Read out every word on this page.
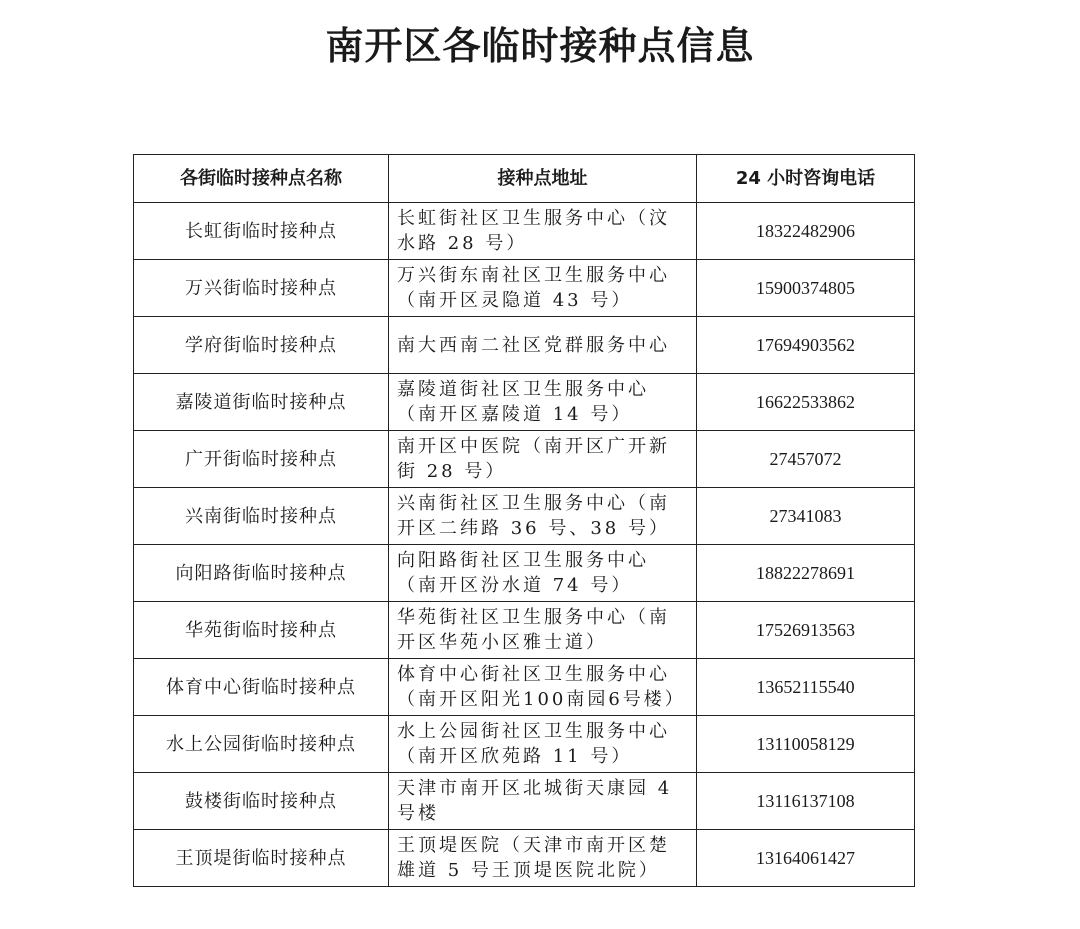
南开区各临时接种点信息
各街临时接种点名称	接种点地址	24 小时咨询电话
长虹街临时接种点	长虹街社区卫生服务中心（汶水路 28 号）	18322482906
万兴街临时接种点	万兴街东南社区卫生服务中心（南开区灵隐道 43 号）	15900374805
学府街临时接种点	南大西南二社区党群服务中心	17694903562
嘉陵道街临时接种点	嘉陵道街社区卫生服务中心（南开区嘉陵道 14 号）	16622533862
广开街临时接种点	南开区中医院（南开区广开新街 28 号）	27457072
兴南街临时接种点	兴南街社区卫生服务中心（南开区二纬路 36 号、38 号）	27341083
向阳路街临时接种点	向阳路街社区卫生服务中心（南开区汾水道 74 号）	18822278691
华苑街临时接种点	华苑街社区卫生服务中心（南开区华苑小区雅士道）	17526913563
体育中心街临时接种点	体育中心街社区卫生服务中心（南开区阳光100南园6号楼）	13652115540
水上公园街临时接种点	水上公园街社区卫生服务中心（南开区欣苑路 11 号）	13110058129
鼓楼街临时接种点	天津市南开区北城街天康园 4号楼	13116137108
王顶堤街临时接种点	王顶堤医院（天津市南开区楚雄道 5 号王顶堤医院北院）	13164061427
